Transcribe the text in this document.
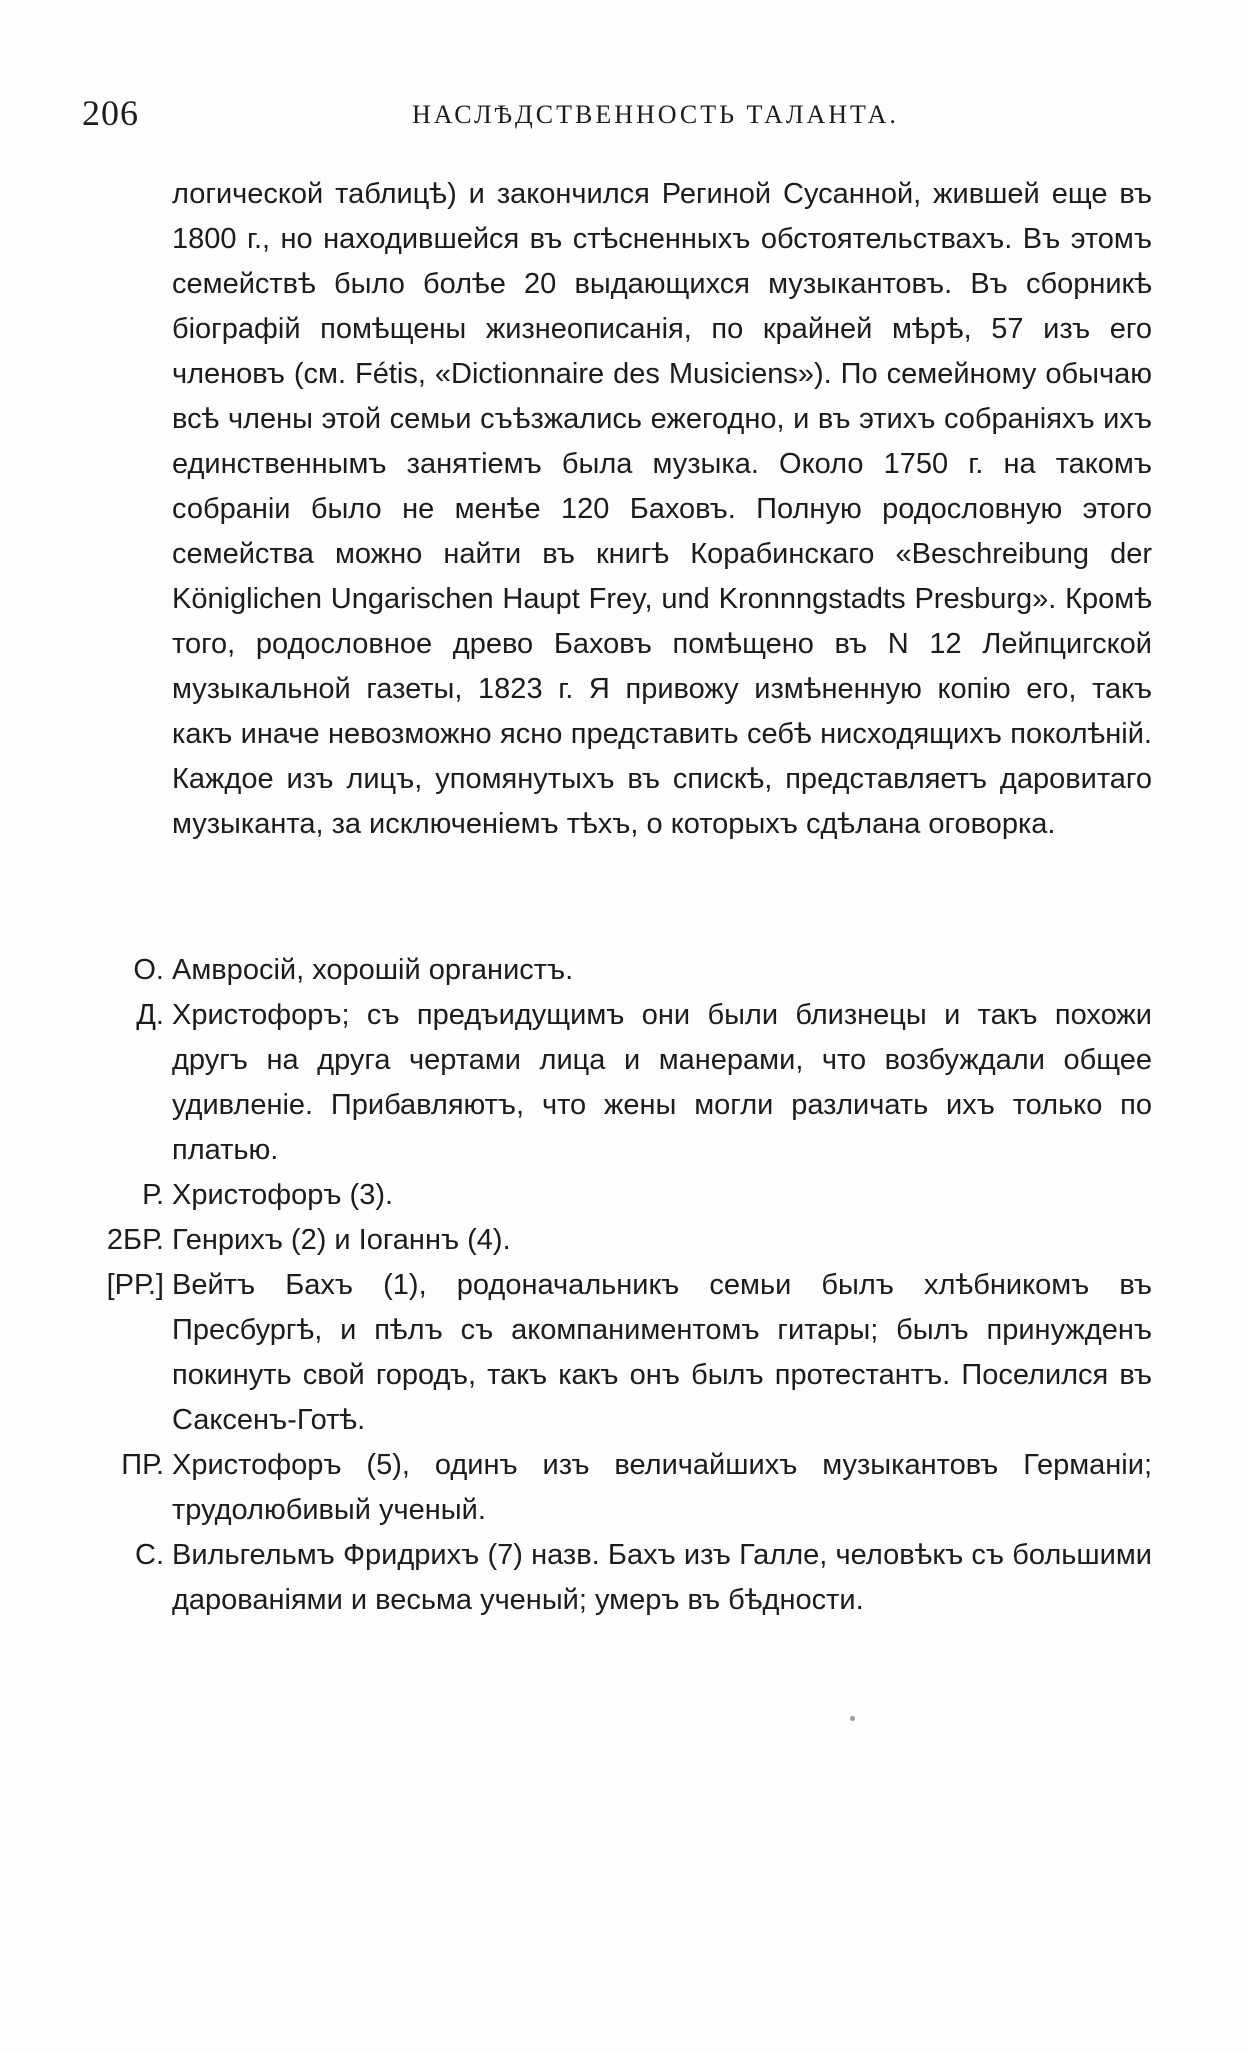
206	НАСЛѢДСТВЕННОСТЬ ТАЛАНТА.

логической таблицѣ) и закончился Региной Сусанной, жившей еще въ 1800 г., но находившейся въ стѣсненныхъ обстоятельствахъ. Въ этомъ семействѣ было болѣе 20 выдающихся музыкантовъ. Въ сборникѣ біографій помѣщены жизнеописанія, по крайней мѣрѣ, 57 изъ его членовъ (см. Fétis, «Dictionnaire des Musiciens»). По семейному обычаю всѣ члены этой семьи съѣзжались ежегодно, и въ этихъ собраніяхъ ихъ единственнымъ занятіемъ была музыка. Около 1750 г. на такомъ собраніи было не менѣе 120 Баховъ. Полную родословную этого семейства можно найти въ книгѣ Корабинскаго «Beschreibung der Königlichen Ungarischen Haupt Frey, und Kronnngstadts Presburg». Кромѣ того, родословное древо Баховъ помѣщено въ N 12 Лейпцигской музыкальной газеты, 1823 г. Я привожу измѣненную копію его, такъ какъ иначе невозможно ясно представить себѣ нисходящихъ поколѣній. Каждое изъ лицъ, упомянутыхъ въ спискѣ, представляетъ даровитаго музыканта, за исключеніемъ тѣхъ, о которыхъ сдѣлана оговорка.

О. Амвросій, хорошій органистъ.

Д. Христофоръ; съ предъидущимъ они были близнецы и такъ похожи другъ на друга чертами лица и манерами, что возбуждали общее удивленіе. Прибавляютъ, что жены могли различать ихъ только по платью.

Р. Христофоръ (3).

2БР. Генрихъ (2) и Іоганнъ (4).

[РР.] Вейтъ Бахъ (1), родоначальникъ семьи былъ хлѣбникомъ въ Пресбургѣ, и пѣлъ съ акомпаниментомъ гитары; былъ принужденъ покинуть свой городъ, такъ какъ онъ былъ протестантъ. Поселился въ Саксенъ-Готѣ.

ПР. Христофоръ (5), одинъ изъ величайшихъ музыкантовъ Германіи; трудолюбивый ученый.

С. Вильгельмъ Фридрихъ (7) назв. Бахъ изъ Галле, человѣкъ съ большими дарованіями и весьма ученый; умеръ въ бѣдности.
